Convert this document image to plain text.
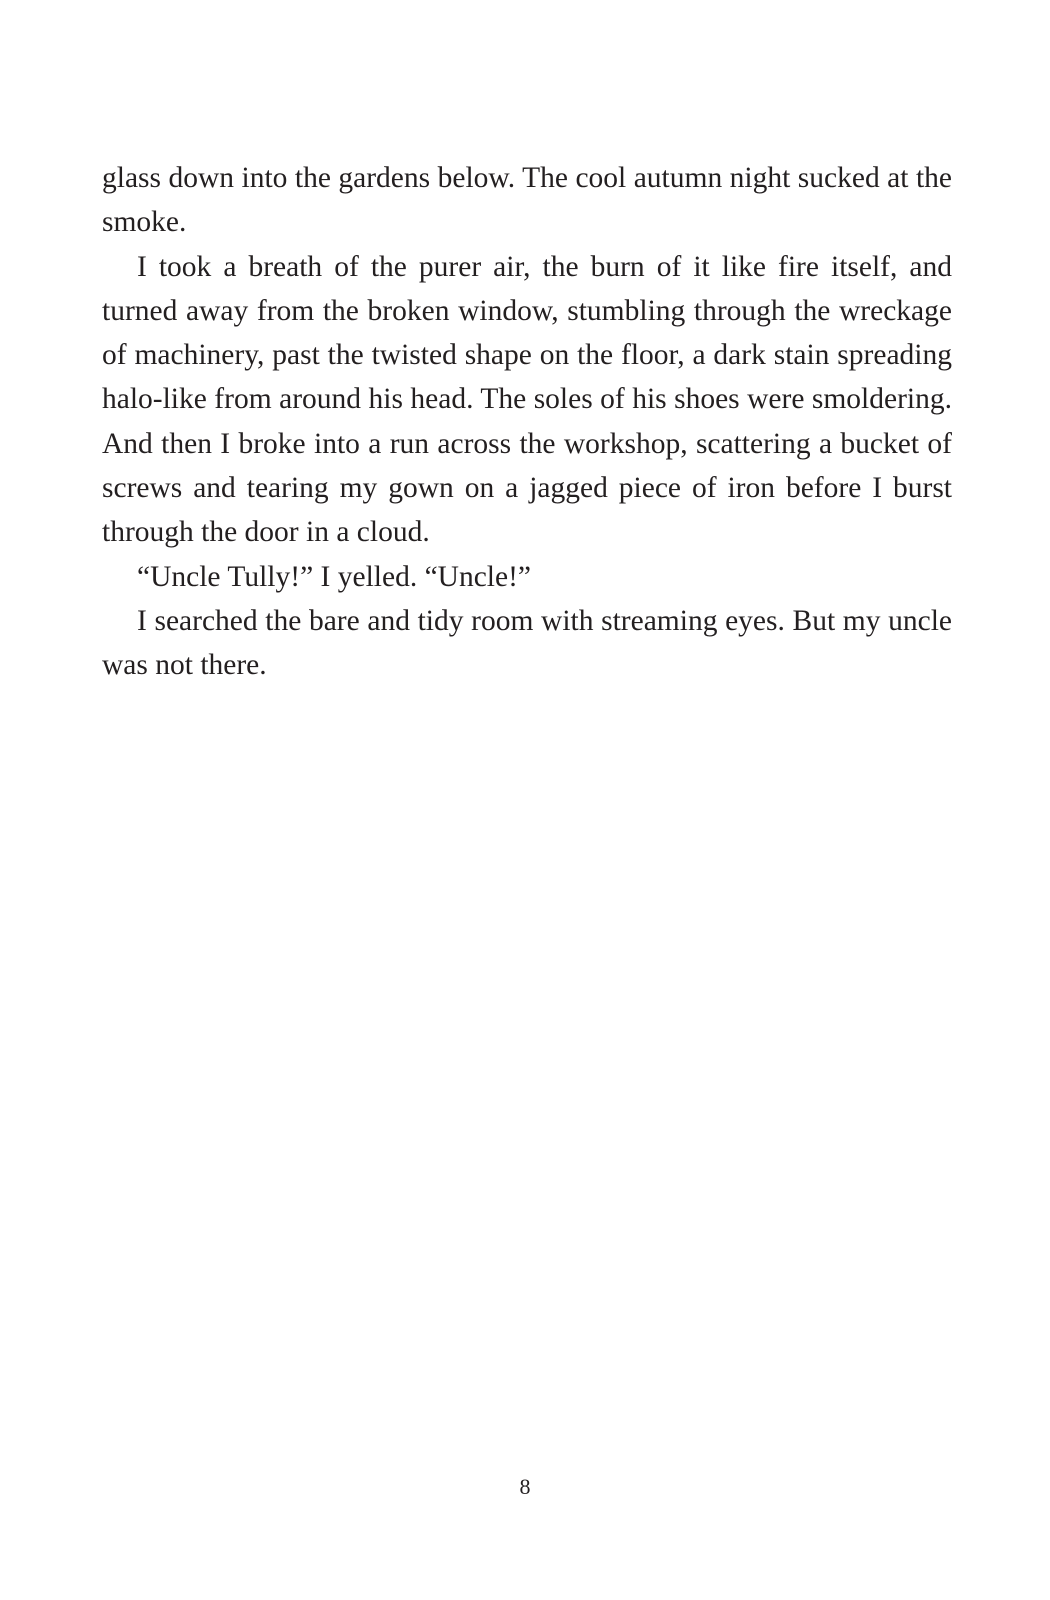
glass down into the gardens below. The cool autumn night sucked at the smoke.

I took a breath of the purer air, the burn of it like fire itself, and turned away from the broken window, stumbling through the wreckage of machinery, past the twisted shape on the floor, a dark stain spreading halo-like from around his head. The soles of his shoes were smoldering. And then I broke into a run across the workshop, scattering a bucket of screws and tearing my gown on a jagged piece of iron before I burst through the door in a cloud.

“Uncle Tully!” I yelled. “Uncle!”

I searched the bare and tidy room with streaming eyes. But my uncle was not there.

8
